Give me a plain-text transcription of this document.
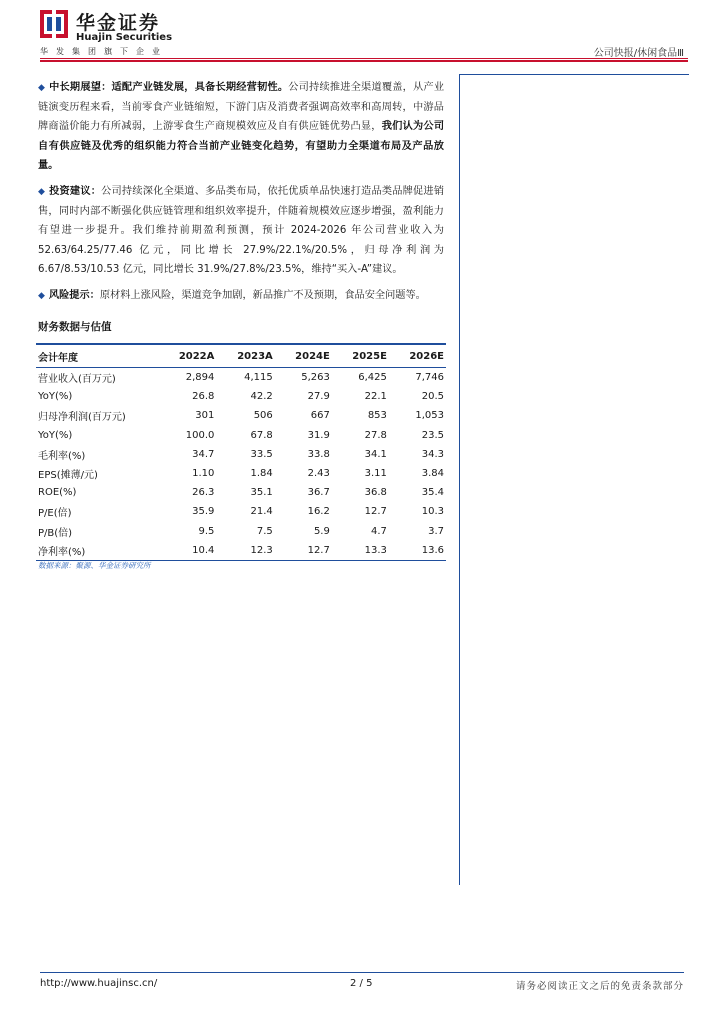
华金证券
Huajin Securities
华发集团旗下企业	公司快报/休闲食品Ⅲ
◆ 中长期展望：适配产业链发展，具备长期经营韧性。公司持续推进全渠道覆盖，从产业链演变历程来看，当前零食产业链缩短，下游门店及消费者强调高效率和高周转，中游品牌商溢价能力有所减弱，上游零食生产商规模效应及自有供应链优势凸显，我们认为公司自有供应链及优秀的组织能力符合当前产业链变化趋势，有望助力全渠道布局及产品放量。
◆ 投资建议：公司持续深化全渠道、多品类布局，依托优质单品快速打造品类品牌促进销售，同时内部不断强化供应链管理和组织效率提升，伴随着规模效应逐步增强，盈利能力有望进一步提升。我们维持前期盈利预测，预计 2024-2026 年公司营业收入为 52.63/64.25/77.46 亿元，同比增长 27.9%/22.1%/20.5%，归母净利润为 6.67/8.53/10.53 亿元，同比增长 31.9%/27.8%/23.5%，维持“买入-A”建议。
◆ 风险提示：原材料上涨风险，渠道竞争加剧，新品推广不及预期，食品安全问题等。
财务数据与估值
会计年度	2022A	2023A	2024E	2025E	2026E
营业收入(百万元)	2,894	4,115	5,263	6,425	7,746
YoY(%)	26.8	42.2	27.9	22.1	20.5
归母净利润(百万元)	301	506	667	853	1,053
YoY(%)	100.0	67.8	31.9	27.8	23.5
毛利率(%)	34.7	33.5	33.8	34.1	34.3
EPS(摊薄/元)	1.10	1.84	2.43	3.11	3.84
ROE(%)	26.3	35.1	36.7	36.8	35.4
P/E(倍)	35.9	21.4	16.2	12.7	10.3
P/B(倍)	9.5	7.5	5.9	4.7	3.7
净利率(%)	10.4	12.3	12.7	13.3	13.6
数据来源：聚源、华金证券研究所
http://www.huajinsc.cn/	2 / 5	请务必阅读正文之后的免责条款部分
